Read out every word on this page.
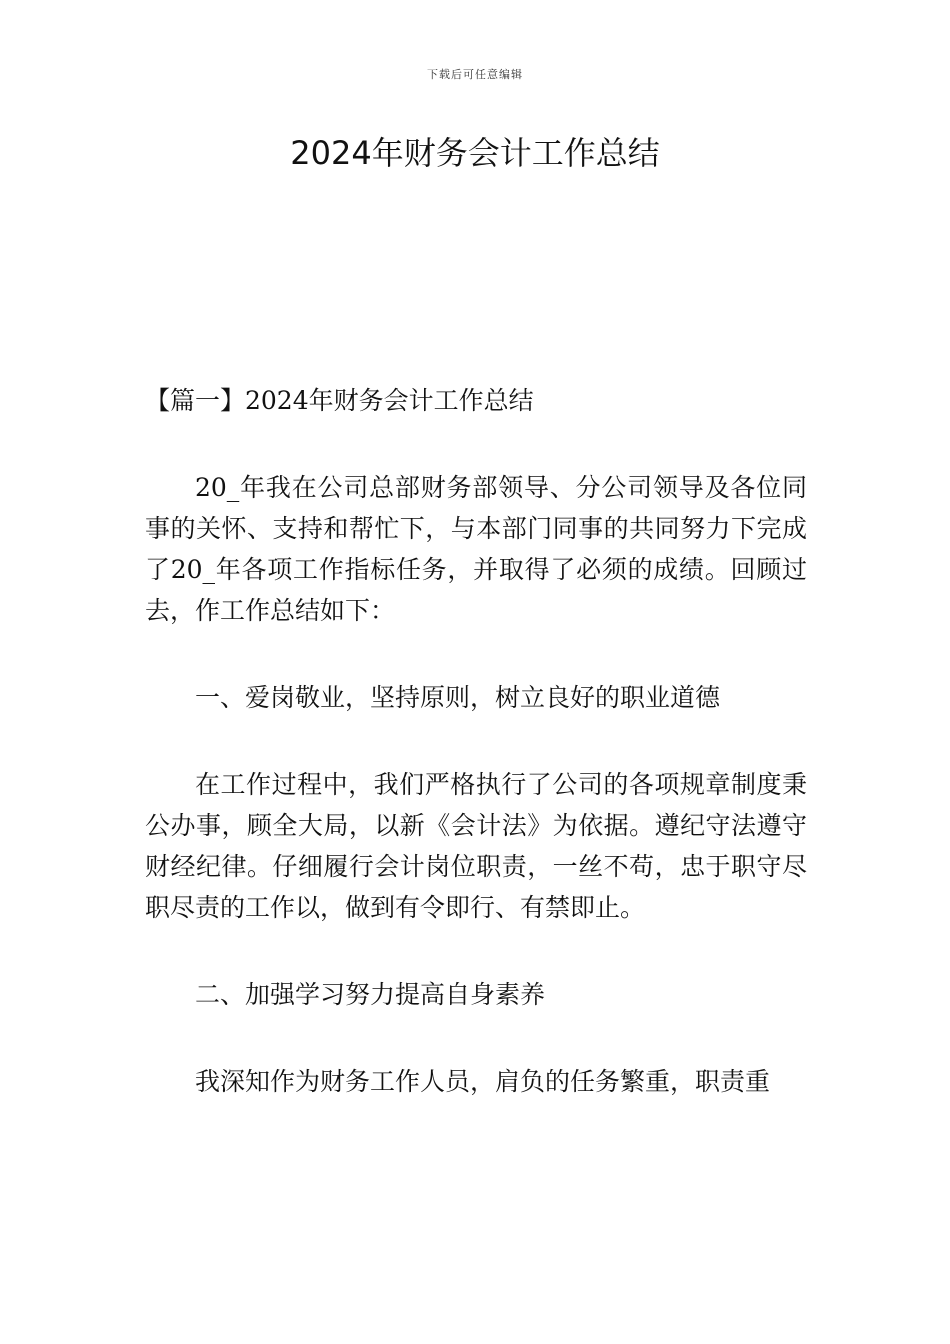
下载后可任意编辑
2024年财务会计工作总结

【篇一】2024年财务会计工作总结

20_年我在公司总部财务部领导、分公司领导及各位同事的关怀、支持和帮忙下，与本部门同事的共同努力下完成了20_年各项工作指标任务，并取得了必须的成绩。回顾过去，作工作总结如下：

一、爱岗敬业，坚持原则，树立良好的职业道德

在工作过程中，我们严格执行了公司的各项规章制度秉公办事，顾全大局，以新《会计法》为依据。遵纪守法遵守财经纪律。仔细履行会计岗位职责，一丝不苟，忠于职守尽职尽责的工作以，做到有令即行、有禁即止。

二、加强学习努力提高自身素养

我深知作为财务工作人员，肩负的任务繁重，职责重
